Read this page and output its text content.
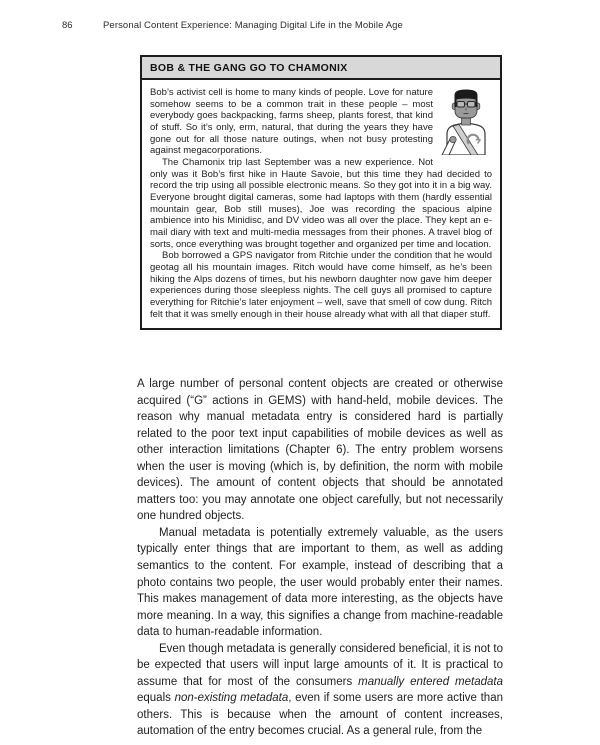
86	Personal Content Experience: Managing Digital Life in the Mobile Age
BOB & THE GANG GO TO CHAMONIX

Bob’s activist cell is home to many kinds of people. Love for nature somehow seems to be a common trait in these people – most everybody goes backpacking, farms sheep, plants forest, that kind of stuff. So it’s only, erm, natural, that during the years they have gone out for all those nature outings, when not busy protesting against megacorporations.

The Chamonix trip last September was a new experience. Not only was it Bob’s first hike in Haute Savoie, but this time they had decided to record the trip using all possible electronic means. So they got into it in a big way. Everyone brought digital cameras, some had laptops with them (hardly essential mountain gear, Bob still muses), Joe was recording the spacious alpine ambience into his Minidisc, and DV video was all over the place. They kept an e-mail diary with text and multi-media messages from their phones. A travel blog of sorts, once everything was brought together and organized per time and location.

Bob borrowed a GPS navigator from Ritchie under the condition that he would geotag all his mountain images. Ritch would have come himself, as he’s been hiking the Alps dozens of times, but his newborn daughter now gave him deeper experiences during those sleepless nights. The cell guys all promised to capture everything for Ritchie’s later enjoyment – well, save that smell of cow dung. Ritch felt that it was smelly enough in their house already what with all that diaper stuff.

A large number of personal content objects are created or otherwise acquired (“G” actions in GEMS) with hand-held, mobile devices. The reason why manual metadata entry is considered hard is partially related to the poor text input capabilities of mobile devices as well as other interaction limitations (Chapter 6). The entry problem worsens when the user is moving (which is, by definition, the norm with mobile devices). The amount of content objects that should be annotated matters too: you may annotate one object carefully, but not necessarily one hundred objects.

Manual metadata is potentially extremely valuable, as the users typically enter things that are important to them, as well as adding semantics to the content. For example, instead of describing that a photo contains two people, the user would probably enter their names. This makes management of data more interesting, as the objects have more meaning. In a way, this signifies a change from machine-readable data to human-readable information.

Even though metadata is generally considered beneficial, it is not to be expected that users will input large amounts of it. It is practical to assume that for most of the consumers manually entered metadata equals non-existing metadata, even if some users are more active than others. This is because when the amount of content increases, automation of the entry becomes crucial. As a general rule, from the
